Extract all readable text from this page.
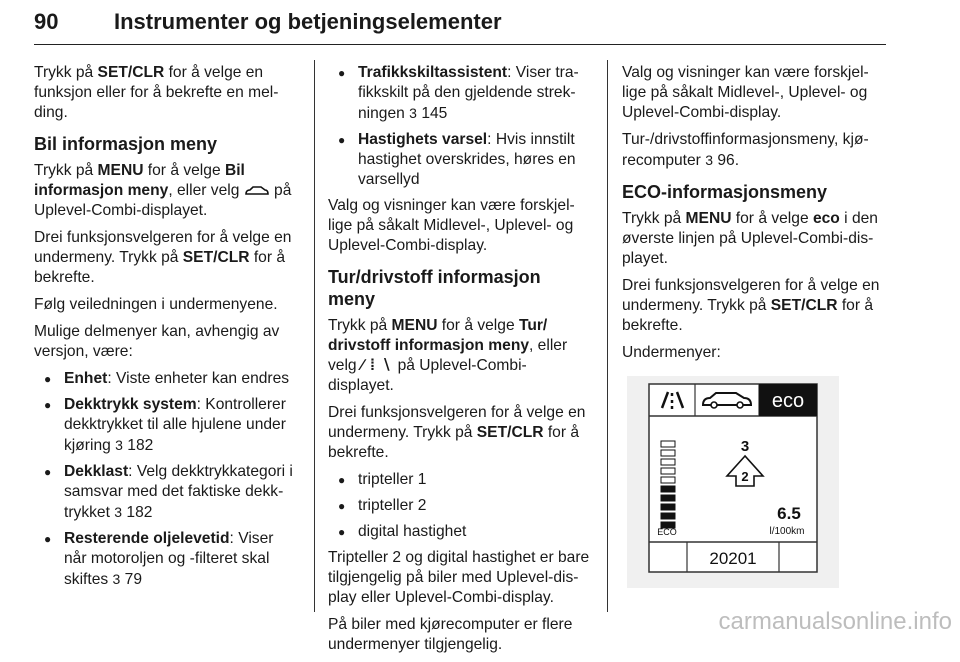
90	Instrumenter og betjeningselementer

Trykk på SET/CLR for å velge en funksjon eller for å bekrefte en mel-ding.

Bil informasjon meny

Trykk på MENU for å velge Bil informasjon meny, eller velg  på Uplevel-Combi-displayet.

Drei funksjonsvelgeren for å velge en undermeny. Trykk på SET/CLR for å bekrefte.

Følg veiledningen i undermenyene.

Mulige delmenyer kan, avhengig av versjon, være:

● Enhet: Viste enheter kan endres
● Dekktrykk system: Kontrollerer dekktrykket til alle hjulene under kjøring 3 182
● Dekklast: Velg dekktrykkategori i samsvar med det faktiske dekk-trykket 3 182
● Resterende oljelevetid: Viser når motoroljen og -filteret skal skiftes 3 79
● Trafikkskiltassistent: Viser tra-fikkskilt på den gjeldende strek-ningen 3 145
● Hastighets varsel: Hvis innstilt hastighet overskrides, høres en varsellyd

Valg og visninger kan være forskjel-lige på såkalt Midlevel-, Uplevel- og Uplevel-Combi-display.

Tur/drivstoff informasjon meny

Trykk på MENU for å velge Tur/ drivstoff informasjon meny, eller velg ∕ ⁞ ∖ på Uplevel-Combi-displayet.

Drei funksjonsvelgeren for å velge en undermeny. Trykk på SET/CLR for å bekrefte.

● tripteller 1
● tripteller 2
● digital hastighet

Tripteller 2 og digital hastighet er bare tilgjengelig på biler med Uplevel-dis-play eller Uplevel-Combi-display.

På biler med kjørecomputer er flere undermenyer tilgjengelig.

Valg og visninger kan være forskjel-lige på såkalt Midlevel-, Uplevel- og Uplevel-Combi-display.

Tur-/drivstoffinformasjonsmeny, kjø-recomputer 3 96.

ECO-informasjonsmeny

Trykk på MENU for å velge eco i den øverste linjen på Uplevel-Combi-dis-playet.

Drei funksjonsvelgeren for å velge en undermeny. Trykk på SET/CLR for å bekrefte.

Undermenyer:

eco
ECO
3
2
6.5
l/100km
20201
carmanualsonline.info
